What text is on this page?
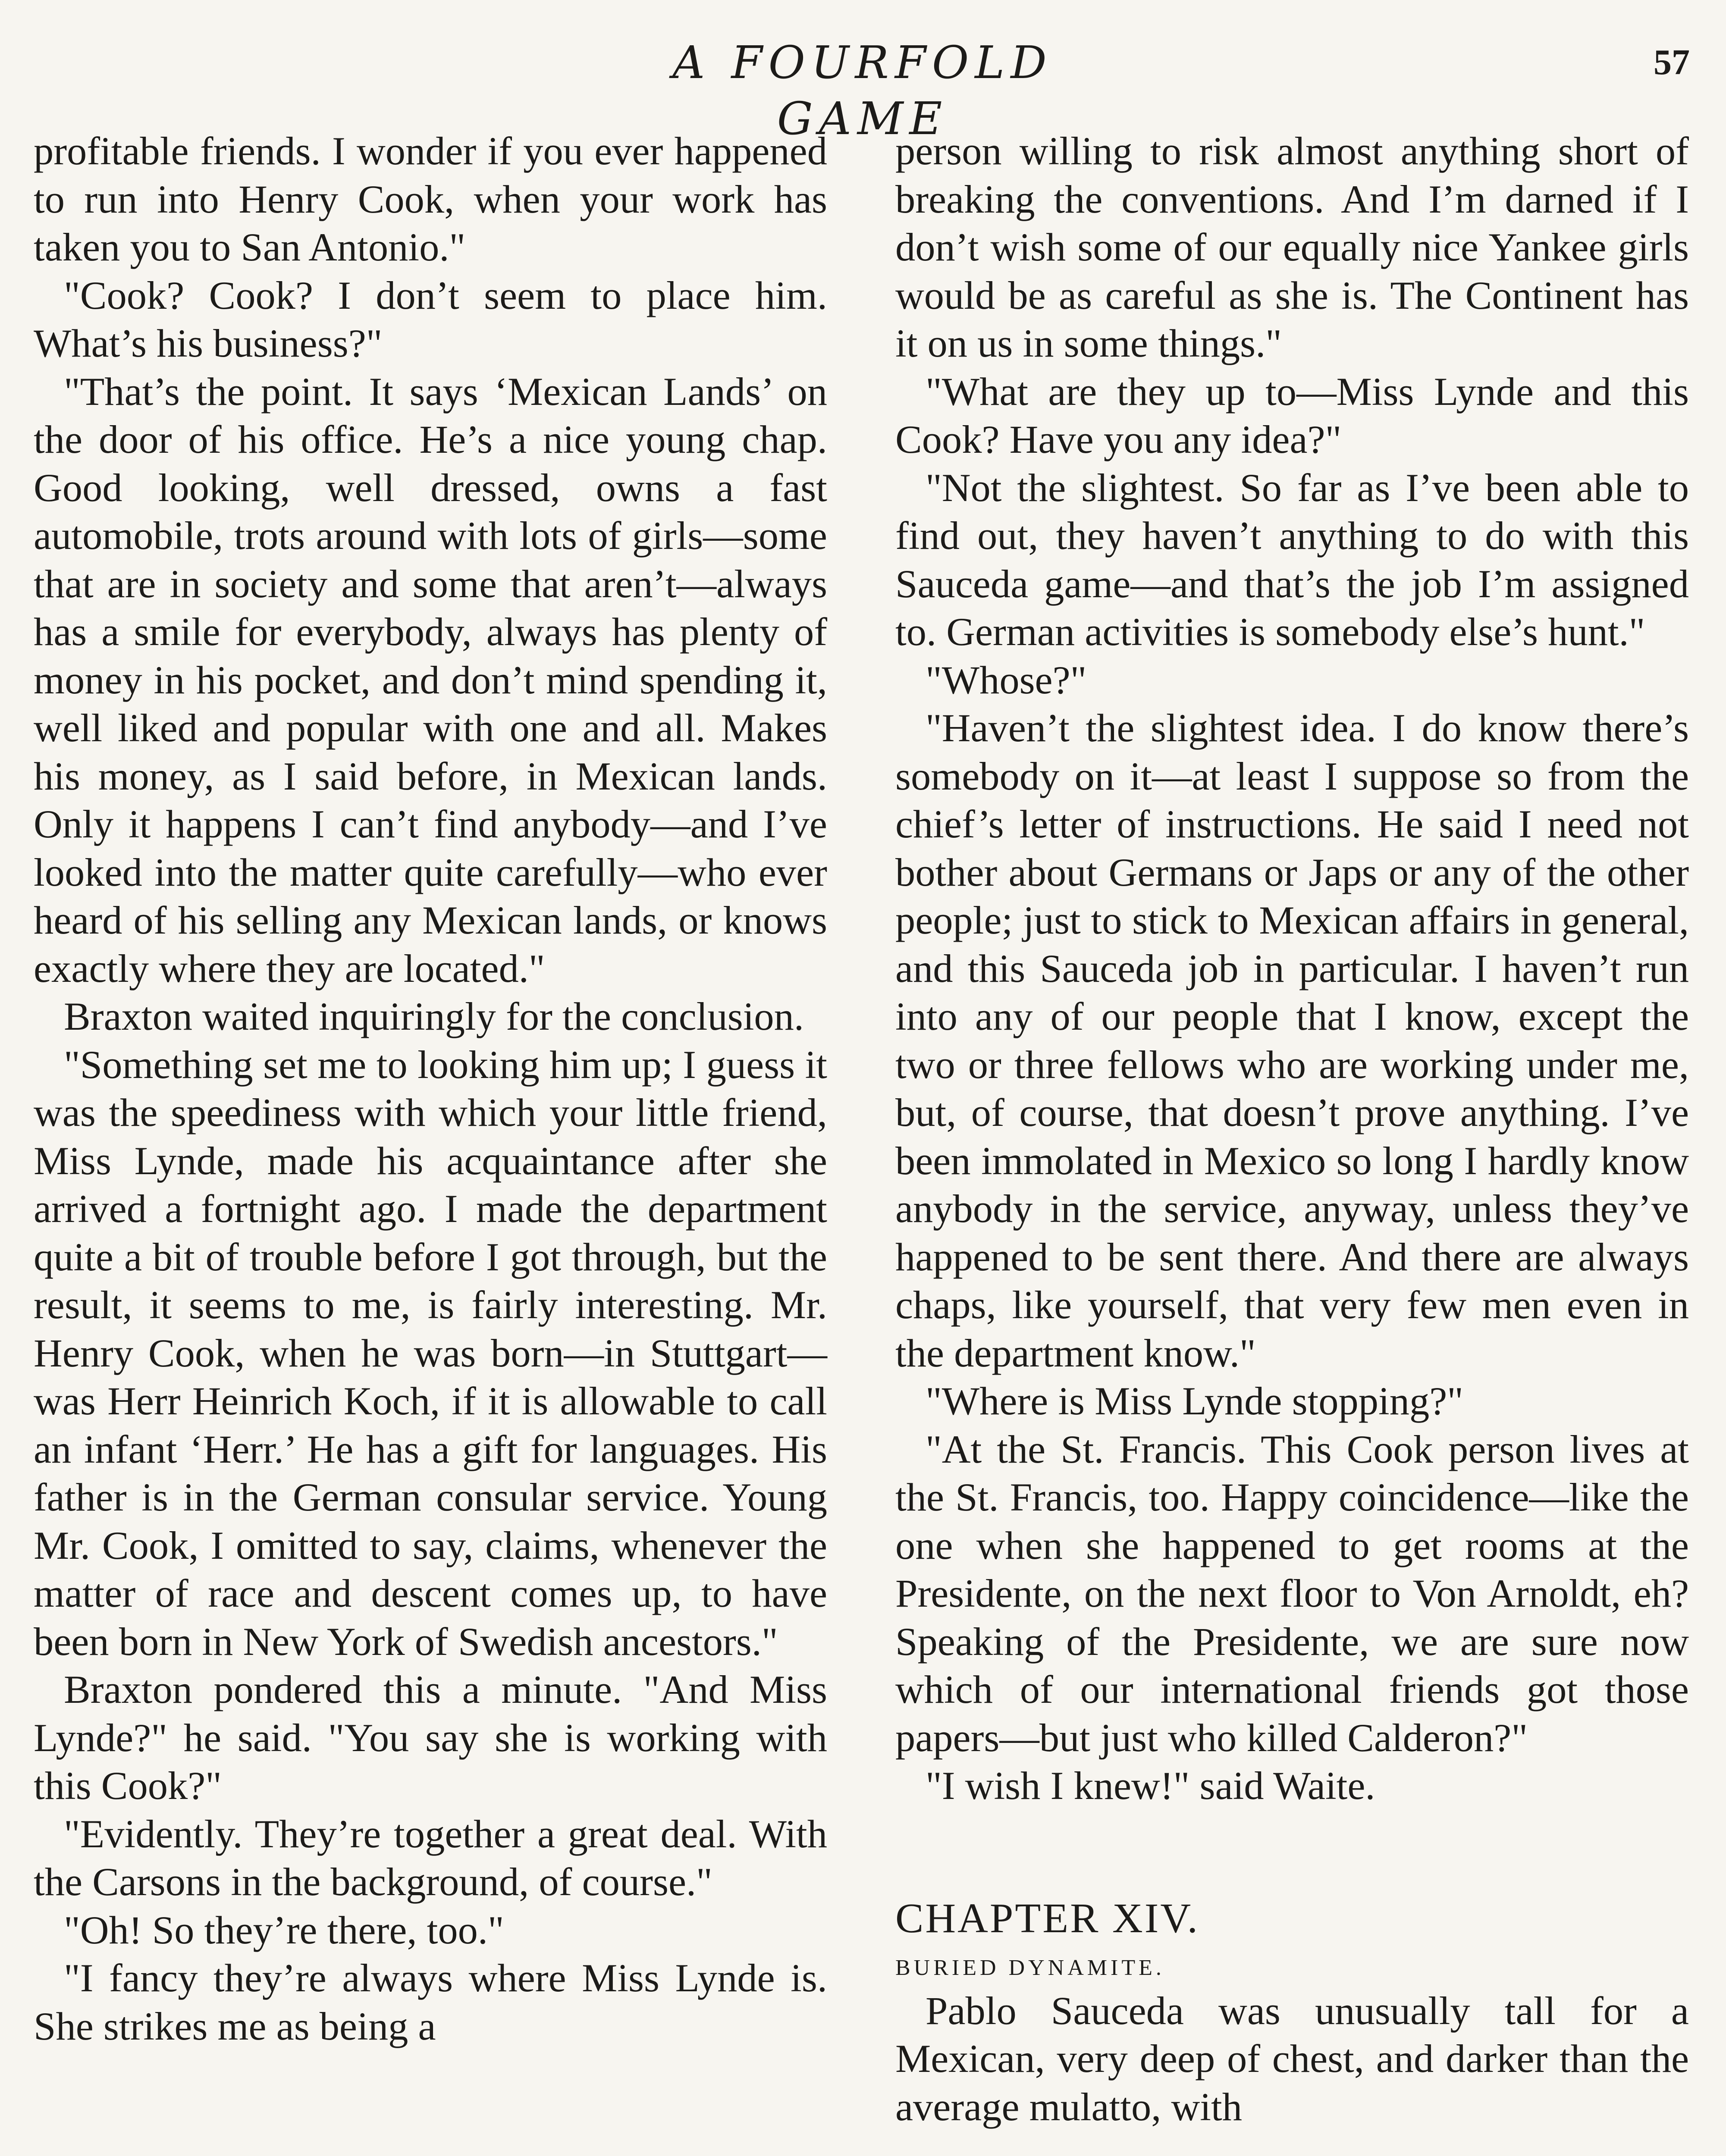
A FOURFOLD GAME
57

profitable friends. I wonder if you ever happened to run into Henry Cook, when your work has taken you to San Antonio."

"Cook? Cook? I don’t seem to place him. What’s his business?"

"That’s the point. It says ‘Mexican Lands’ on the door of his office. He’s a nice young chap. Good looking, well dressed, owns a fast automobile, trots around with lots of girls—some that are in society and some that aren’t—always has a smile for everybody, always has plenty of money in his pocket, and don’t mind spending it, well liked and popular with one and all. Makes his money, as I said before, in Mexican lands. Only it happens I can’t find anybody—and I’ve looked into the matter quite carefully—who ever heard of his selling any Mexican lands, or knows exactly where they are located."

Braxton waited inquiringly for the conclusion.

"Something set me to looking him up; I guess it was the speediness with which your little friend, Miss Lynde, made his acquaintance after she arrived a fortnight ago. I made the department quite a bit of trouble before I got through, but the result, it seems to me, is fairly interesting. Mr. Henry Cook, when he was born—in Stuttgart—was Herr Heinrich Koch, if it is allowable to call an infant ‘Herr.’ He has a gift for languages. His father is in the German consular service. Young Mr. Cook, I omitted to say, claims, whenever the matter of race and descent comes up, to have been born in New York of Swedish ancestors."

Braxton pondered this a minute. "And Miss Lynde?" he said. "You say she is working with this Cook?"

"Evidently. They’re together a great deal. With the Carsons in the background, of course."

"Oh! So they’re there, too."

"I fancy they’re always where Miss Lynde is. She strikes me as being a

person willing to risk almost anything short of breaking the conventions. And I’m darned if I don’t wish some of our equally nice Yankee girls would be as careful as she is. The Continent has it on us in some things."

"What are they up to—Miss Lynde and this Cook? Have you any idea?"

"Not the slightest. So far as I’ve been able to find out, they haven’t anything to do with this Sauceda game—and that’s the job I’m assigned to. German activities is somebody else’s hunt."

"Whose?"

"Haven’t the slightest idea. I do know there’s somebody on it—at least I suppose so from the chief’s letter of instructions. He said I need not bother about Germans or Japs or any of the other people; just to stick to Mexican affairs in general, and this Sauceda job in particular. I haven’t run into any of our people that I know, except the two or three fellows who are working under me, but, of course, that doesn’t prove anything. I’ve been immolated in Mexico so long I hardly know anybody in the service, anyway, unless they’ve happened to be sent there. And there are always chaps, like yourself, that very few men even in the department know."

"Where is Miss Lynde stopping?"

"At the St. Francis. This Cook person lives at the St. Francis, too. Happy coincidence—like the one when she happened to get rooms at the Presidente, on the next floor to Von Arnoldt, eh? Speaking of the Presidente, we are sure now which of our international friends got those papers—but just who killed Calderon?"

"I wish I knew!" said Waite.

CHAPTER XIV.

BURIED DYNAMITE.

Pablo Sauceda was unusually tall for a Mexican, very deep of chest, and darker than the average mulatto, with
